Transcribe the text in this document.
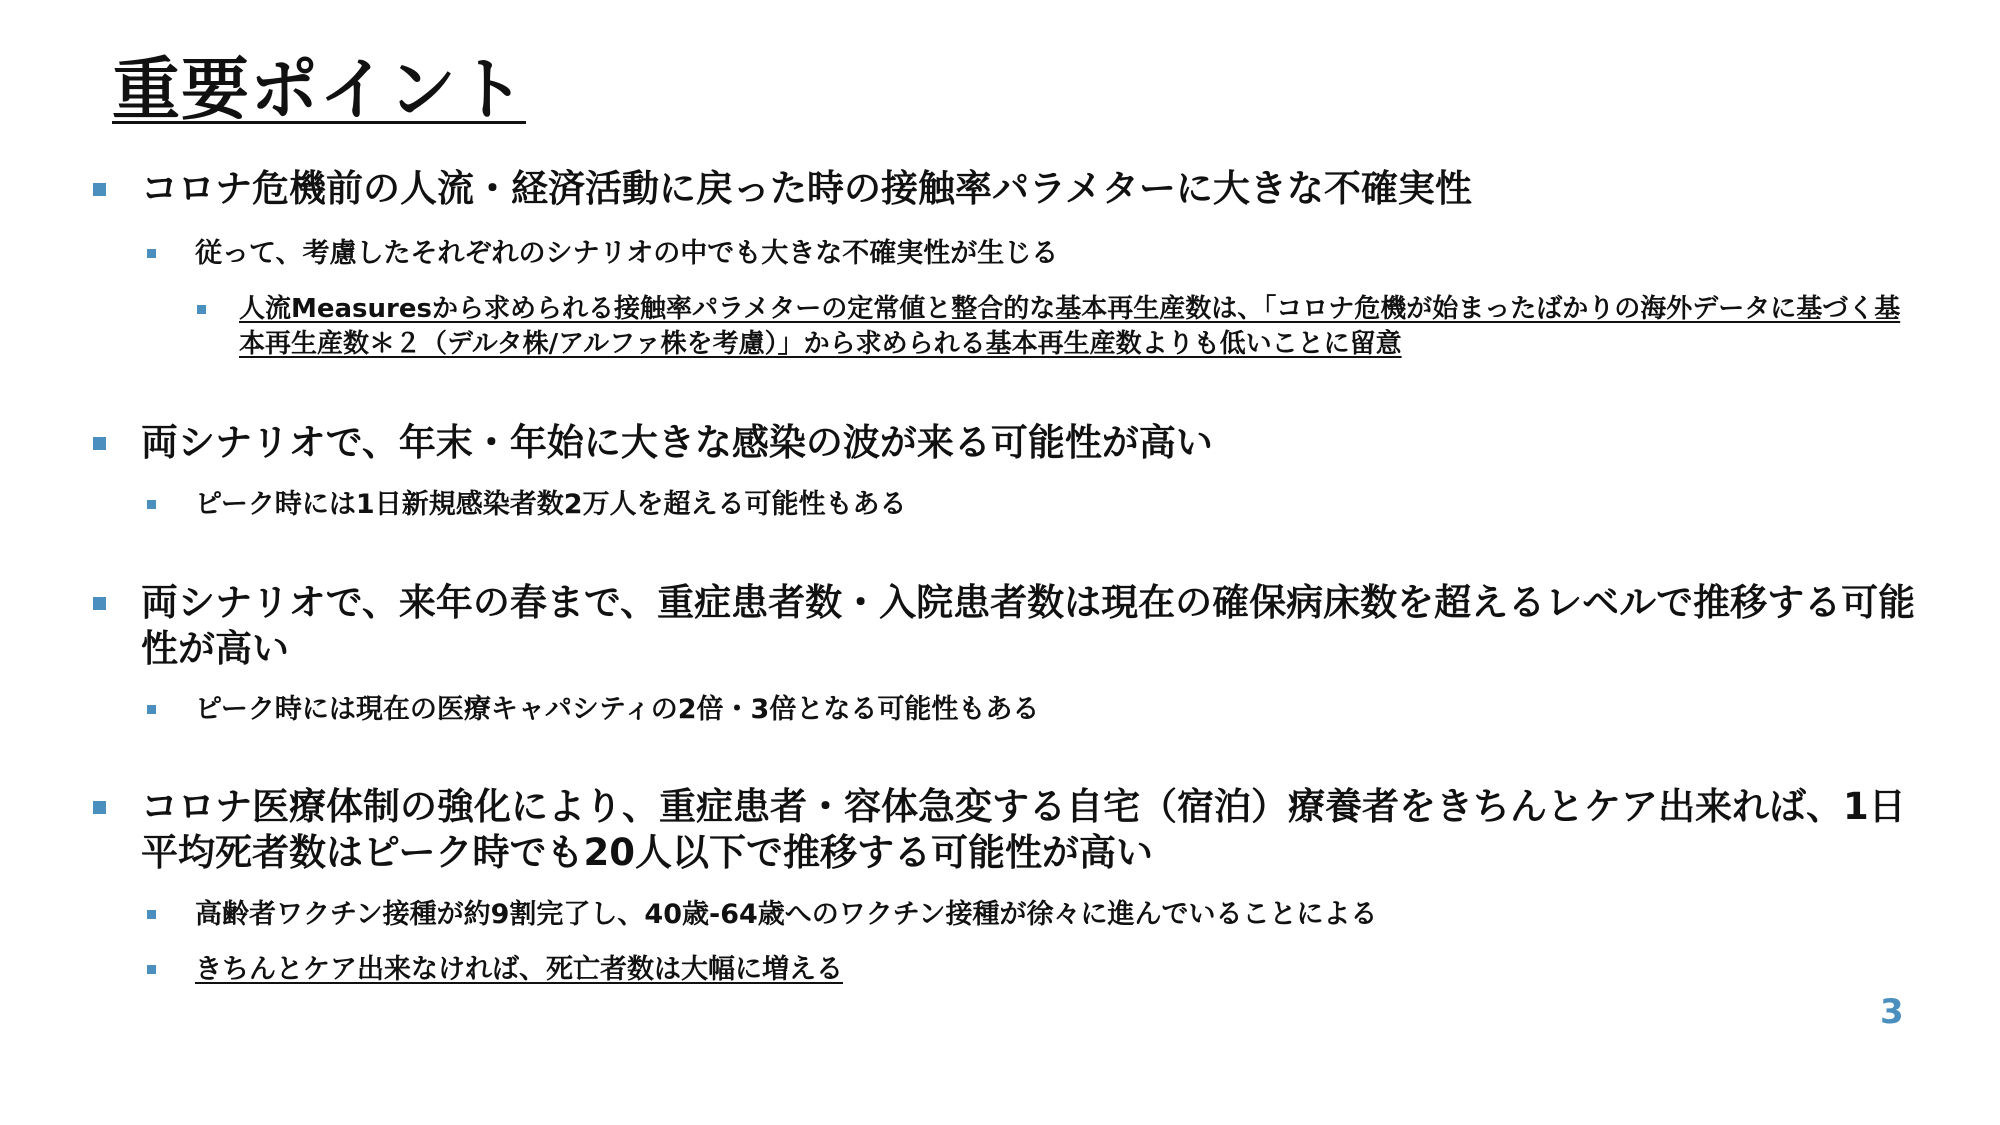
重要ポイント
コロナ危機前の人流・経済活動に戻った時の接触率パラメターに大きな不確実性
従って、考慮したそれぞれのシナリオの中でも大きな不確実性が生じる
人流Measuresから求められる接触率パラメターの定常値と整合的な基本再生産数は、「コロナ危機が始まったばかりの海外データに基づく基本再生産数＊２（デルタ株/アルファ株を考慮）」から求められる基本再生産数よりも低いことに留意
両シナリオで、年末・年始に大きな感染の波が来る可能性が高い
ピーク時には1日新規感染者数2万人を超える可能性もある
両シナリオで、来年の春まで、重症患者数・入院患者数は現在の確保病床数を超えるレベルで推移する可能性が高い
ピーク時には現在の医療キャパシティの2倍・3倍となる可能性もある
コロナ医療体制の強化により、重症患者・容体急変する自宅（宿泊）療養者をきちんとケア出来れば、1日平均死者数はピーク時でも20人以下で推移する可能性が高い
高齢者ワクチン接種が約9割完了し、40歳-64歳へのワクチン接種が徐々に進んでいることによる
きちんとケア出来なければ、死亡者数は大幅に増える
3
